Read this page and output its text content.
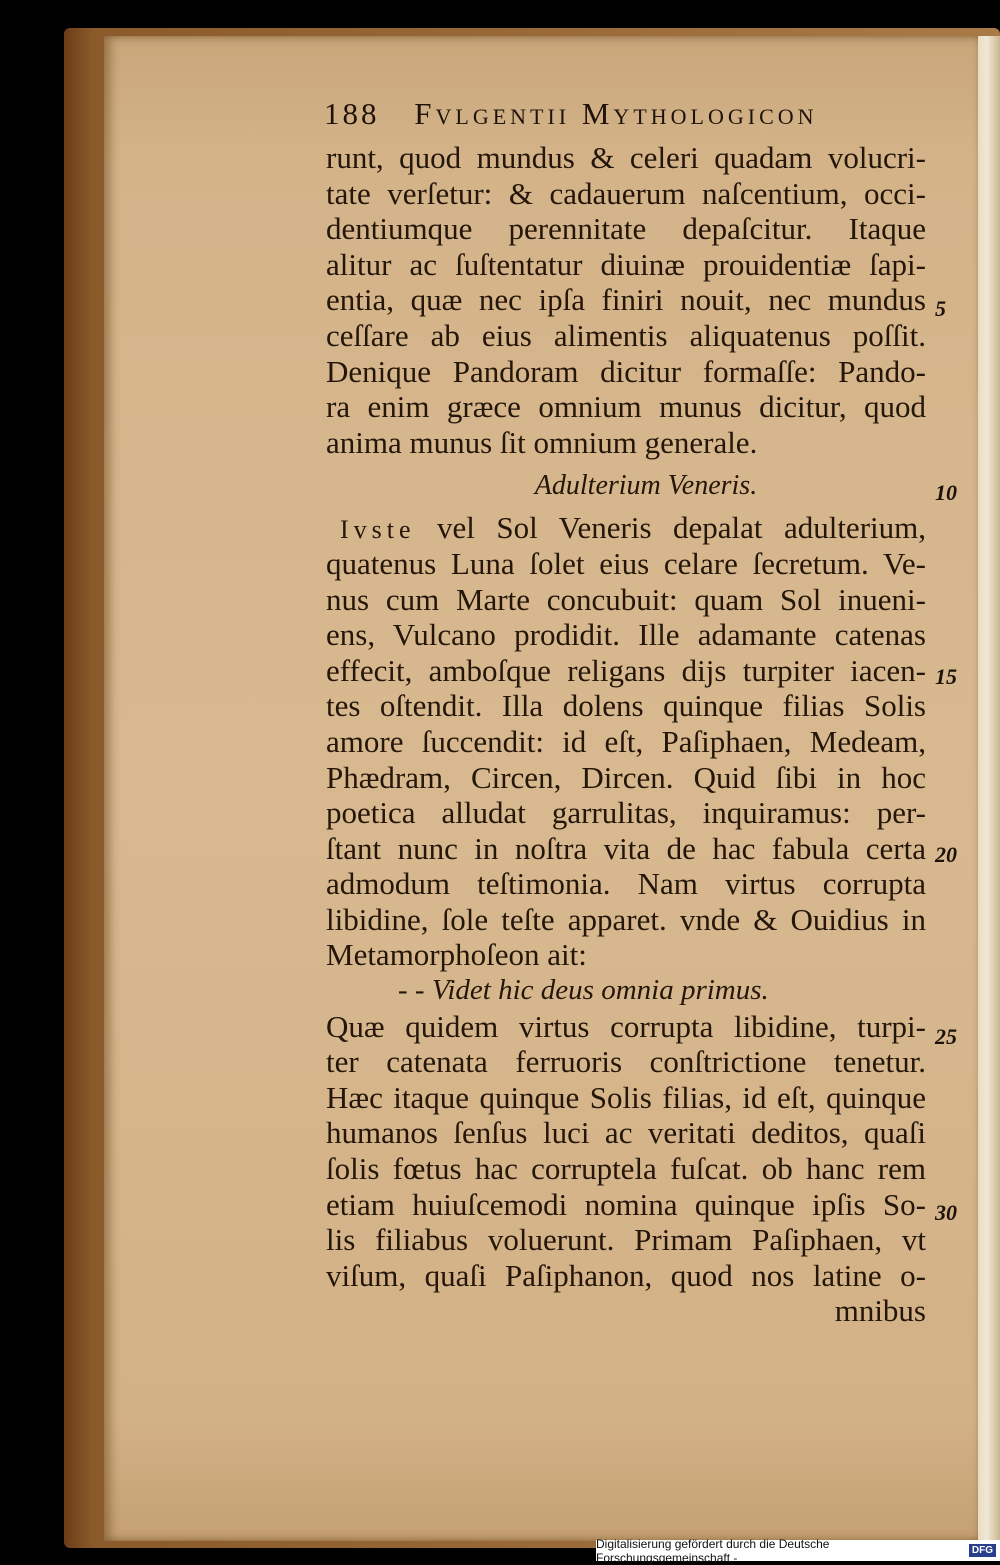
188 Fvlgentii Mythologicon
runt, quod mundus & celeri quadam volucri-
tate verſetur: & cadauerum naſcentium, occi-
dentiumque perennitate depaſcitur. Itaque
alitur ac ſuſtentatur diuinæ prouidentiæ ſapi-
entia, quæ nec ipſa finiri nouit, nec mundus
ceſſare ab eius alimentis aliquatenus poſſit.
Denique Pandoram dicitur formaſſe: Pando-
ra enim græce omnium munus dicitur, quod
anima munus ſit omnium generale.
Adulterium Veneris.
Ivste vel Sol Veneris depalat adulterium,
quatenus Luna ſolet eius celare ſecretum. Ve-
nus cum Marte concubuit: quam Sol inueni-
ens, Vulcano prodidit. Ille adamante catenas
effecit, amboſque religans dijs turpiter iacen-
tes oſtendit. Illa dolens quinque filias Solis
amore ſuccendit: id eſt, Paſiphaen, Medeam,
Phædram, Circen, Dircen. Quid ſibi in hoc
poetica alludat garrulitas, inquiramus: per-
ſtant nunc in noſtra vita de hac fabula certa
admodum teſtimonia. Nam virtus corrupta
libidine, ſole teſte apparet. vnde & Ouidius in
Metamorphoſeon ait:
- - Videt hic deus omnia primus.
Quæ quidem virtus corrupta libidine, turpi-
ter catenata ferruoris conſtrictione tenetur.
Hæc itaque quinque Solis filias, id eſt, quinque
humanos ſenſus luci ac veritati deditos, quaſi
ſolis fœtus hac corruptela fuſcat. ob hanc rem
etiam huiuſcemodi nomina quinque ipſis So-
lis filiabus voluerunt. Primam Paſiphaen, vt
viſum, quaſi Paſiphanon, quod nos latine o-
mnibus
5
10
15
20
25
30
Digitalisierung gefördert durch die Deutsche Forschungsgemeinschaft -	DFG
